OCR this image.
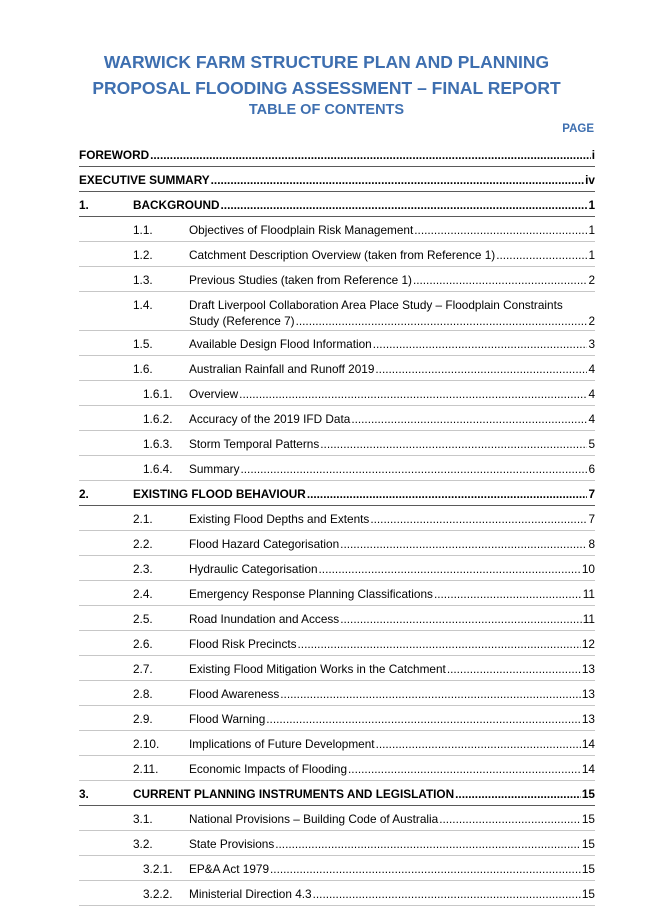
WARWICK FARM STRUCTURE PLAN AND PLANNING
PROPOSAL FLOODING ASSESSMENT – FINAL REPORT
TABLE OF CONTENTS
PAGE
FOREWORD .....	i
EXECUTIVE SUMMARY .....	iv
1.	BACKGROUND .....	1
1.1.	Objectives of Floodplain Risk Management .....	1
1.2.	Catchment Description Overview (taken from Reference 1) .....	1
1.3.	Previous Studies (taken from Reference 1) .....	2
1.4.	Draft Liverpool Collaboration Area Place Study – Floodplain Constraints
Study (Reference 7) .....	2
1.5.	Available Design Flood Information .....	3
1.6.	Australian Rainfall and Runoff 2019 .....	4
1.6.1. Overview .....	4
1.6.2. Accuracy of the 2019 IFD Data .....	4
1.6.3. Storm Temporal Patterns .....	5
1.6.4. Summary .....	6
2.	EXISTING FLOOD BEHAVIOUR .....	7
2.1.	Existing Flood Depths and Extents .....	7
2.2.	Flood Hazard Categorisation .....	8
2.3.	Hydraulic Categorisation .....	10
2.4.	Emergency Response Planning Classifications .....	11
2.5.	Road Inundation and Access .....	11
2.6.	Flood Risk Precincts .....	12
2.7.	Existing Flood Mitigation Works in the Catchment .....	13
2.8.	Flood Awareness .....	13
2.9.	Flood Warning .....	13
2.10.	Implications of Future Development .....	14
2.11.	Economic Impacts of Flooding .....	14
3.	CURRENT PLANNING INSTRUMENTS AND LEGISLATION .....	15
3.1.	National Provisions – Building Code of Australia .....	15
3.2.	State Provisions .....	15
3.2.1. EP&A Act 1979 .....	15
3.2.2. Ministerial Direction 4.3 .....	15
